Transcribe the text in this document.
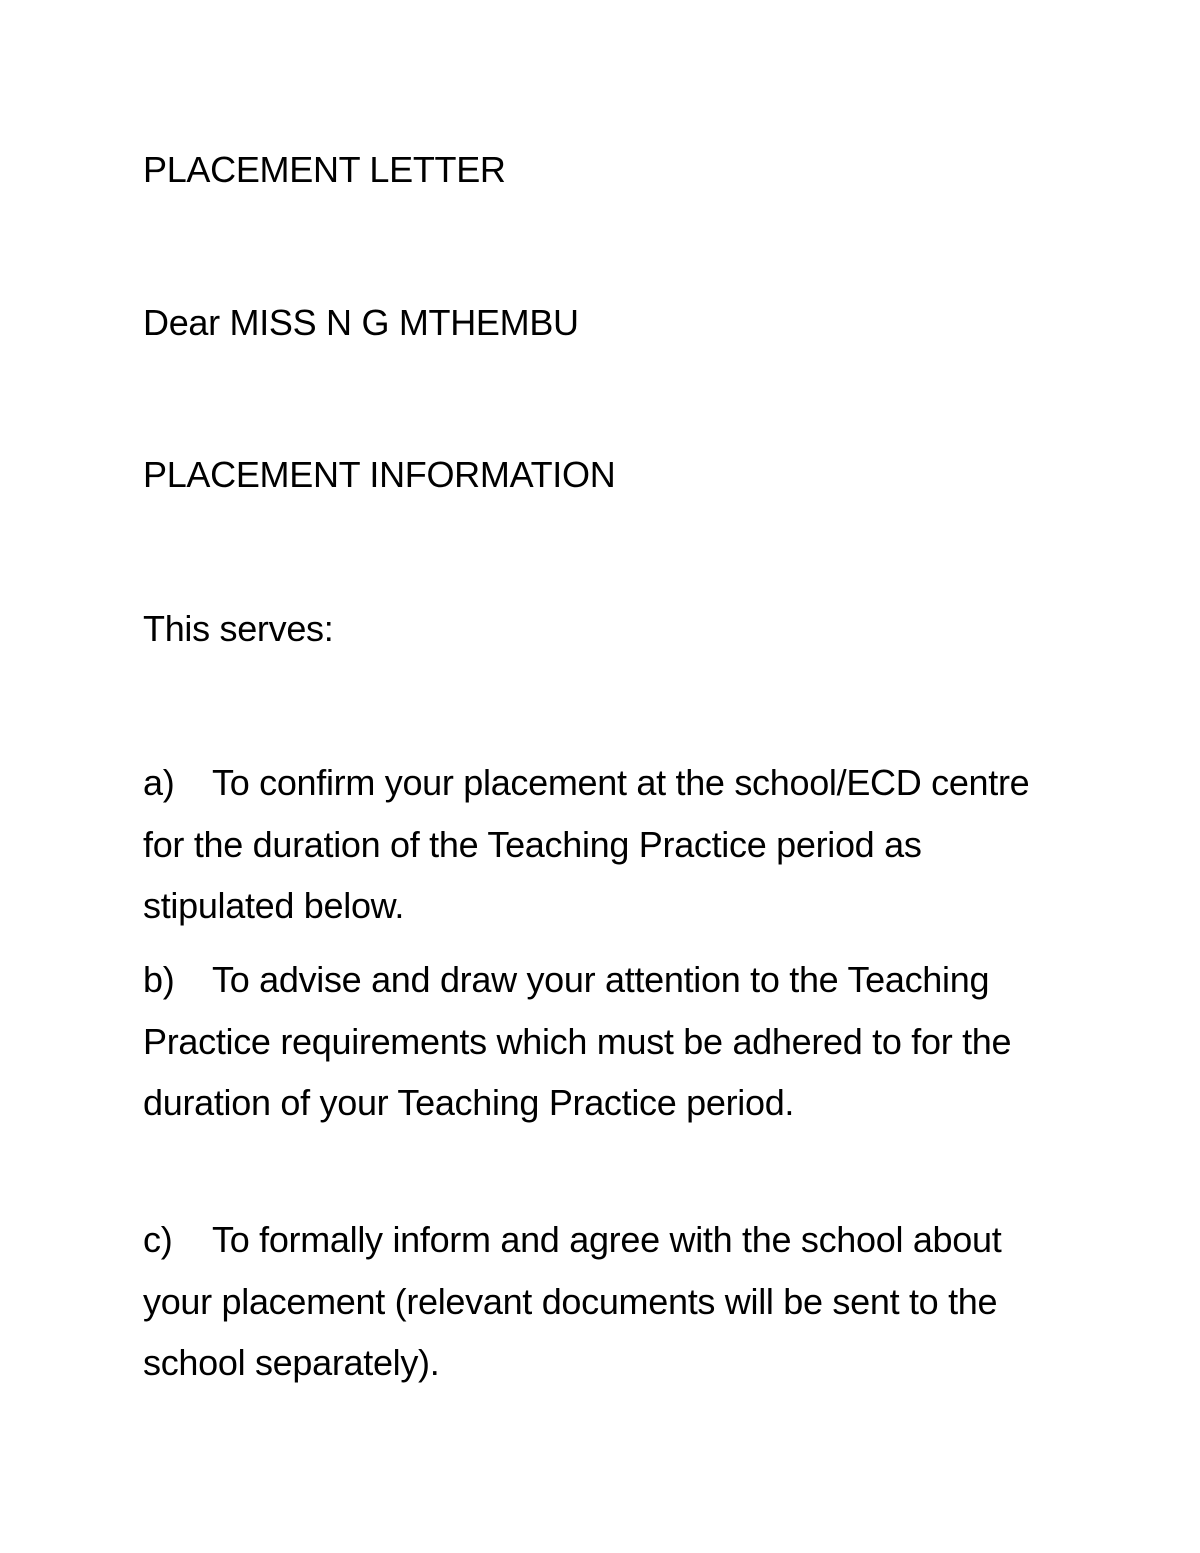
PLACEMENT LETTER
Dear MISS N G MTHEMBU
PLACEMENT INFORMATION
This serves:
a) To confirm your placement at the school/ECD centre for the duration of the Teaching Practice period as stipulated below.
b) To advise and draw your attention to the Teaching Practice requirements which must be adhered to for the duration of your Teaching Practice period.
c) To formally inform and agree with the school about your placement (relevant documents will be sent to the school separately).
